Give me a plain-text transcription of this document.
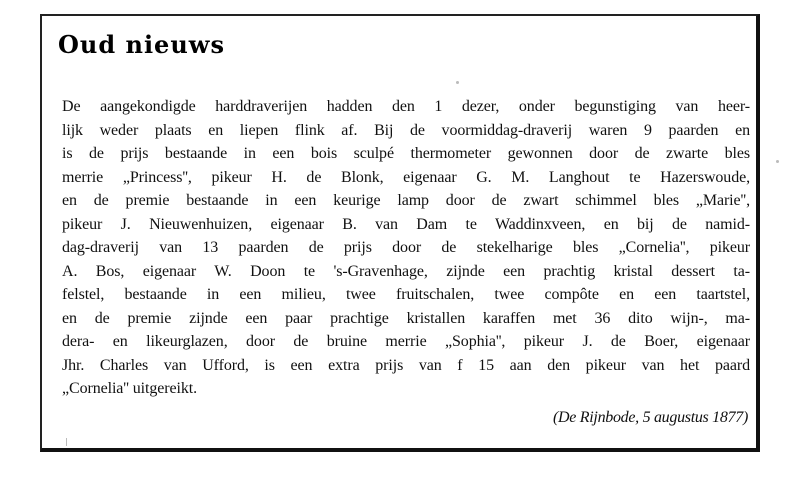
Oud nieuws
De aangekondigde harddraverijen hadden den 1 dezer, onder begunstiging van heer-
lijk weder plaats en liepen flink af. Bij de voormiddag-draverij waren 9 paarden en
is de prijs bestaande in een bois sculpé thermometer gewonnen door de zwarte bles
merrie „Princess'', pikeur H. de Blonk, eigenaar G. M. Langhout te Hazerswoude,
en de premie bestaande in een keurige lamp door de zwart schimmel bles „Marie'',
pikeur J. Nieuwenhuizen, eigenaar B. van Dam te Waddinxveen, en bij de namid-
dag-draverij van 13 paarden de prijs door de stekelharige bles „Cornelia'', pikeur
A. Bos, eigenaar W. Doon te 's-Gravenhage, zijnde een prachtig kristal dessert ta-
felstel, bestaande in een milieu, twee fruitschalen, twee compôte en een taartstel,
en de premie zijnde een paar prachtige kristallen karaffen met 36 dito wijn-, ma-
dera- en likeurglazen, door de bruine merrie „Sophia'', pikeur J. de Boer, eigenaar
Jhr. Charles van Ufford, is een extra prijs van f 15 aan den pikeur van het paard
„Cornelia'' uitgereikt.
(De Rijnbode, 5 augustus 1877)
